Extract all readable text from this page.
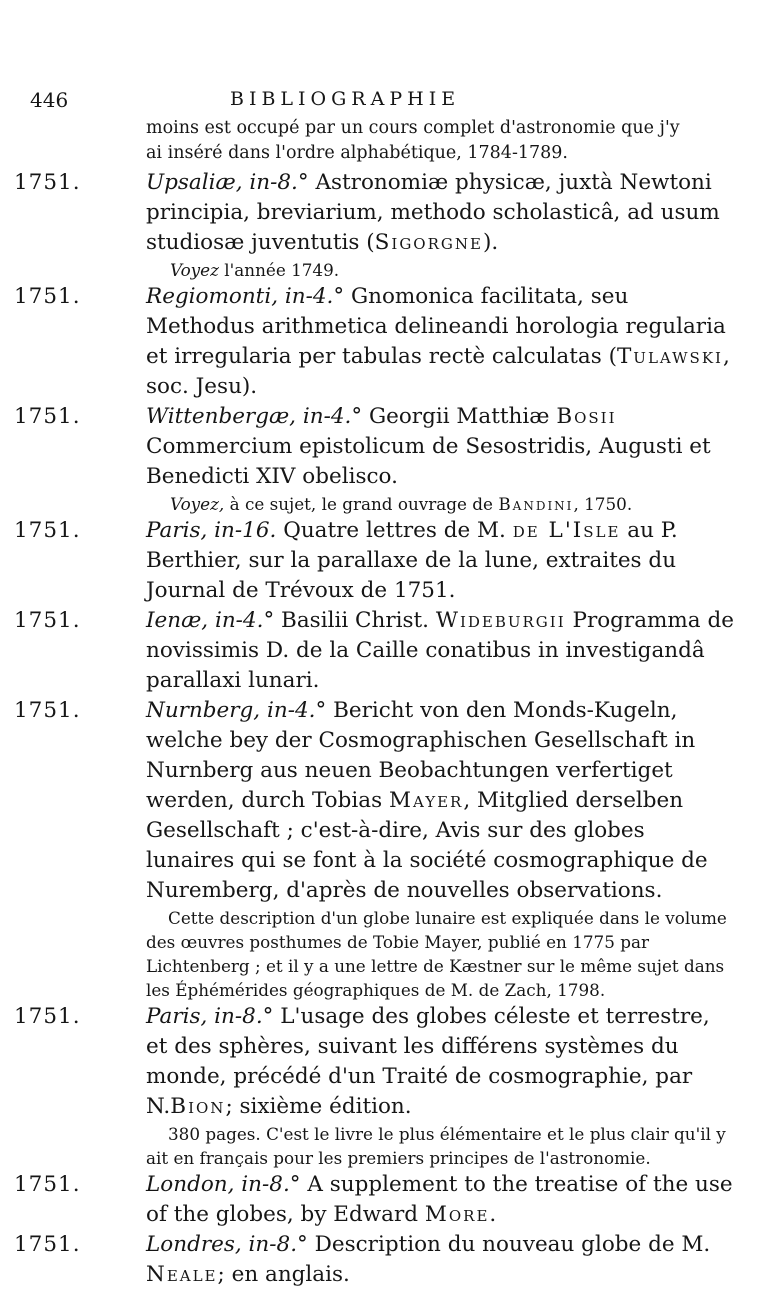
446	BIBLIOGRAPHIE
moins est occupé par un cours complet d'astronomie que j'y
ai inséré dans l'ordre alphabétique, 1784-1789.
1751.	Upsaliæ, in-8.° Astronomiæ physicæ, juxtà Newtoni principia, breviarium, methodo scholasticâ, ad usum studiosæ juventutis (Sigorgne).
Voyez l'année 1749.
1751.	Regiomonti, in-4.° Gnomonica facilitata, seu Methodus arithmetica delineandi horologia regularia et irregularia per tabulas rectè calculatas (Tulawski, soc. Jesu).
1751.	Wittenbergæ, in-4.° Georgii Matthiæ Bosii Commercium epistolicum de Sesostridis, Augusti et Benedicti XIV obelisco.
Voyez, à ce sujet, le grand ouvrage de Bandini, 1750.
1751.	Paris, in-16. Quatre lettres de M. de L'Isle au P. Berthier, sur la parallaxe de la lune, extraites du Journal de Trévoux de 1751.
1751.	Ienæ, in-4.° Basilii Christ. Wideburgii Programma de novissimis D. de la Caille conatibus in investigandâ parallaxi lunari.
1751.	Nurnberg, in-4.° Bericht von den Monds-Kugeln, welche bey der Cosmographischen Gesellschaft in Nurnberg aus neuen Beobachtungen verfertiget werden, durch Tobias Mayer, Mitglied derselben Gesellschaft ; c'est-à-dire, Avis sur des globes lunaires qui se font à la société cosmographique de Nuremberg, d'après de nouvelles observations.
Cette description d'un globe lunaire est expliquée dans le volume des œuvres posthumes de Tobie Mayer, publié en 1775 par Lichtenberg ; et il y a une lettre de Kæstner sur le même sujet dans les Éphémérides géographiques de M. de Zach, 1798.
1751.	Paris, in-8.° L'usage des globes céleste et terrestre, et des sphères, suivant les différens systèmes du monde, précédé d'un Traité de cosmographie, par N.Bion; sixième édition.
380 pages. C'est le livre le plus élémentaire et le plus clair qu'il y ait en français pour les premiers principes de l'astronomie.
1751.	London, in-8.° A supplement to the treatise of the use of the globes, by Edward More.
1751.	Londres, in-8.° Description du nouveau globe de M. Neale; en anglais.
